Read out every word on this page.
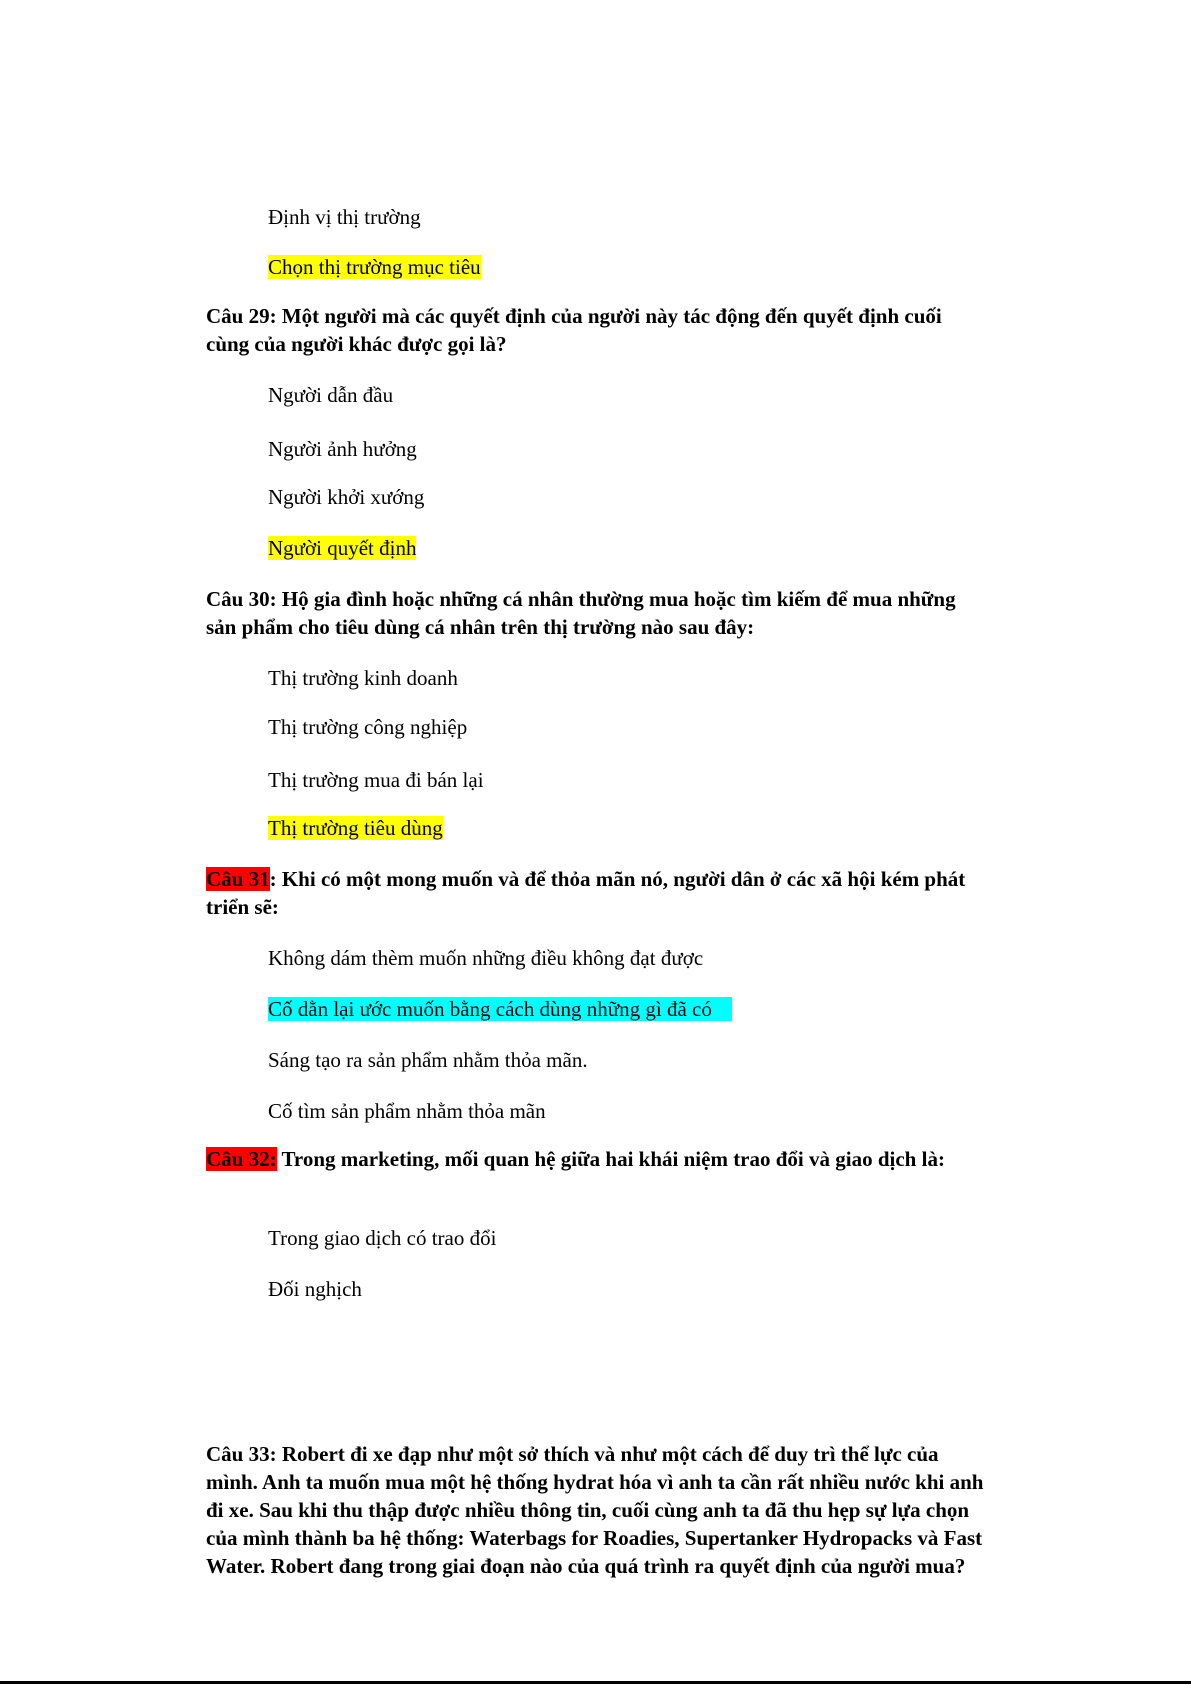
Định vị thị trường
Chọn thị trường mục tiêu
Câu 29: Một người mà các quyết định của người này tác động đến quyết định cuối cùng của người khác được gọi là?
Người dẫn đầu
Người ảnh hưởng
Người khởi xướng
Người quyết định
Câu 30: Hộ gia đình hoặc những cá nhân thường mua hoặc tìm kiếm để mua những sản phẩm cho tiêu dùng cá nhân trên thị trường nào sau đây:
Thị trường kinh doanh
Thị trường công nghiệp
Thị trường mua đi bán lại
Thị trường tiêu dùng
Câu 31: Khi có một mong muốn và để thỏa mãn nó, người dân ở các xã hội kém phát triển sẽ:
Không dám thèm muốn những điều không đạt được
Cố dằn lại ước muốn bằng cách dùng những gì đã có
Sáng tạo ra sản phẩm nhằm thỏa mãn.
Cố tìm sản phẩm nhằm thỏa mãn
Câu 32: Trong marketing, mối quan hệ giữa hai khái niệm trao đổi và giao dịch là:
Trong giao dịch có trao đổi
Đối nghịch
Câu 33: Robert đi xe đạp như một sở thích và như một cách để duy trì thể lực của mình. Anh ta muốn mua một hệ thống hydrat hóa vì anh ta cần rất nhiều nước khi anh đi xe. Sau khi thu thập được nhiều thông tin, cuối cùng anh ta đã thu hẹp sự lựa chọn của mình thành ba hệ thống: Waterbags for Roadies, Supertanker Hydropacks và Fast Water. Robert đang trong giai đoạn nào của quá trình ra quyết định của người mua?
